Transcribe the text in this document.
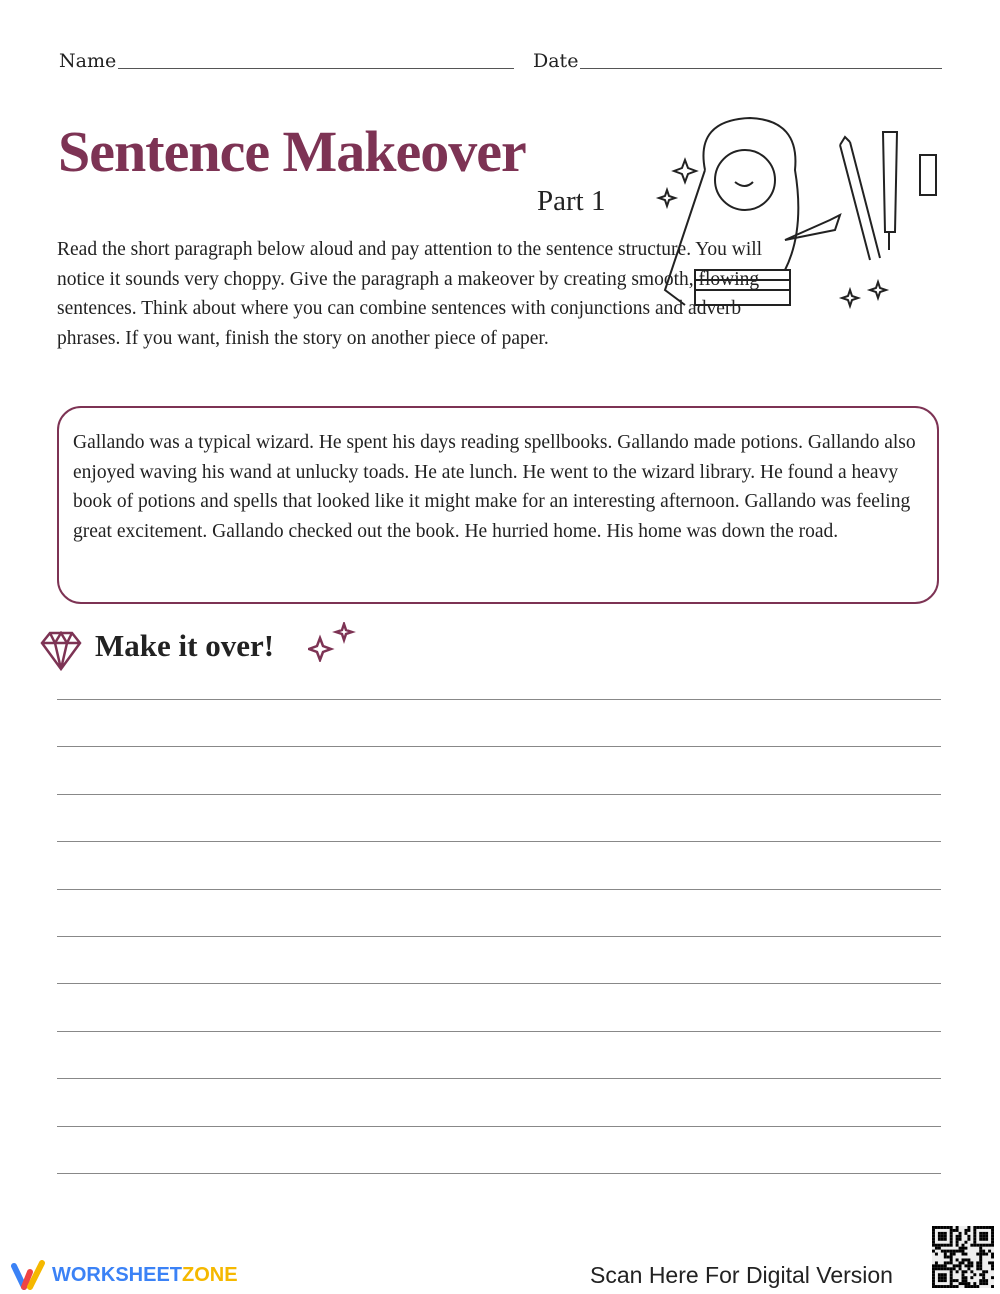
Name	Date
Sentence Makeover
Part 1
Read the short paragraph below aloud and pay attention to the sentence structure. You will notice it sounds very choppy. Give the paragraph a makeover by creating smooth, flowing sentences. Think about where you can combine sentences with conjunctions and adverb phrases. If you want, finish the story on another piece of paper.
Gallando was a typical wizard. He spent his days reading spellbooks. Gallando made potions. Gallando also enjoyed waving his wand at unlucky toads. He ate lunch. He went to the wizard library. He found a heavy book of potions and spells that looked like it might make for an interesting afternoon. Gallando was feeling great excitement. Gallando checked out the book. He hurried home. His home was down the road.
Make it over!
WORKSHEET ZONE	Scan Here For Digital Version
